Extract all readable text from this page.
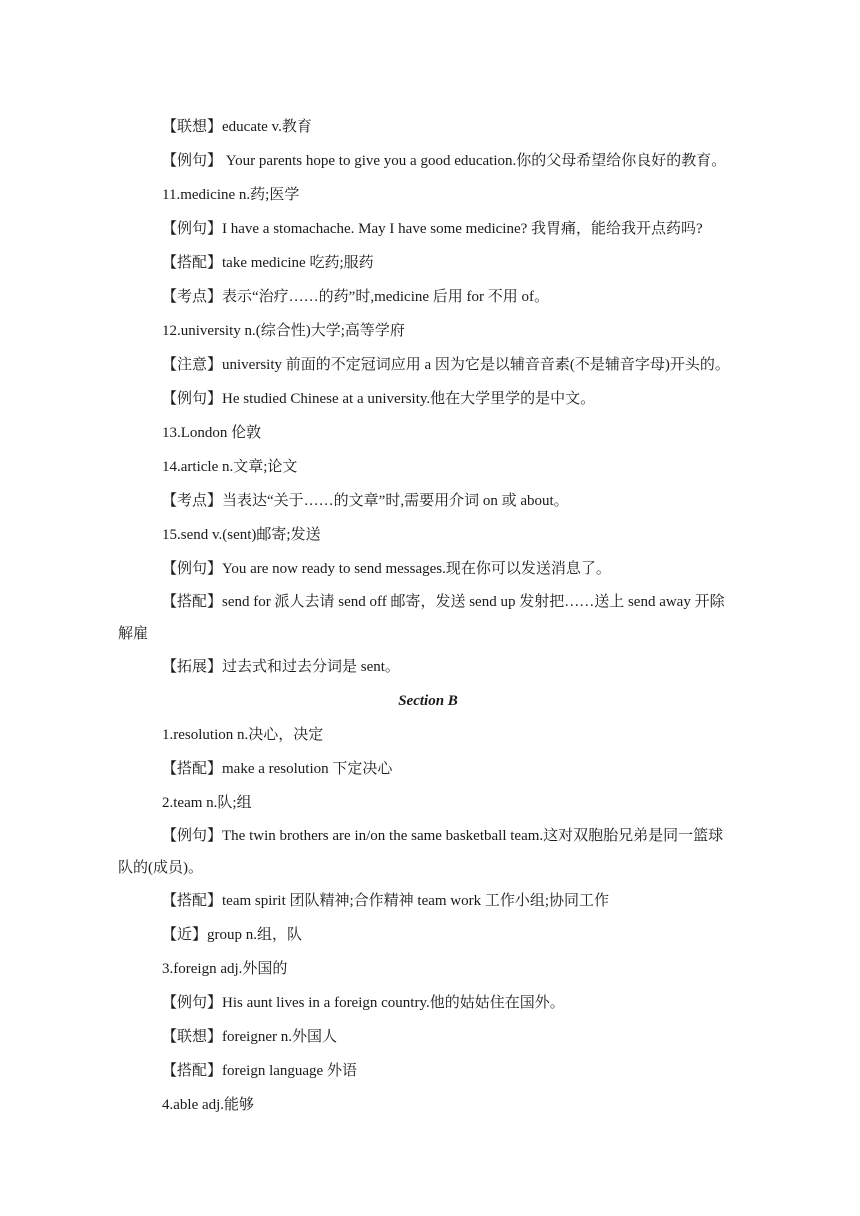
【联想】educate v.教育

【例句】 Your parents hope to give you a good education.你的父母希望给你良好的教育。

11.medicine n.药;医学

【例句】I have a stomachache. May I have some medicine? 我胃痛，能给我开点药吗?

【搭配】take medicine 吃药;服药

【考点】表示“治疗……的药”时,medicine 后用 for 不用 of。

12.university n.(综合性)大学;高等学府

【注意】university 前面的不定冠词应用 a 因为它是以辅音音素(不是辅音字母)开头的。

【例句】He studied Chinese at a university.他在大学里学的是中文。

13.London 伦敦

14.article n.文章;论文

【考点】当表达“关于……的文章”时,需要用介词 on 或 about。

15.send v.(sent)邮寄;发送

【例句】You are now ready to send messages.现在你可以发送消息了。

【搭配】send for 派人去请 send off 邮寄，发送 send up 发射把……送上 send away 开除解雇

【拓展】过去式和过去分词是 sent。

Section B

1.resolution n.决心，决定

【搭配】make a resolution 下定决心

2.team n.队;组

【例句】The twin brothers are in/on the same basketball team.这对双胞胎兄弟是同一篮球队的(成员)。

【搭配】team spirit 团队精神;合作精神 team work 工作小组;协同工作

【近】group n.组，队

3.foreign adj.外国的

【例句】His aunt lives in a foreign country.他的姑姑住在国外。

【联想】foreigner n.外国人

【搭配】foreign language 外语

4.able adj.能够
